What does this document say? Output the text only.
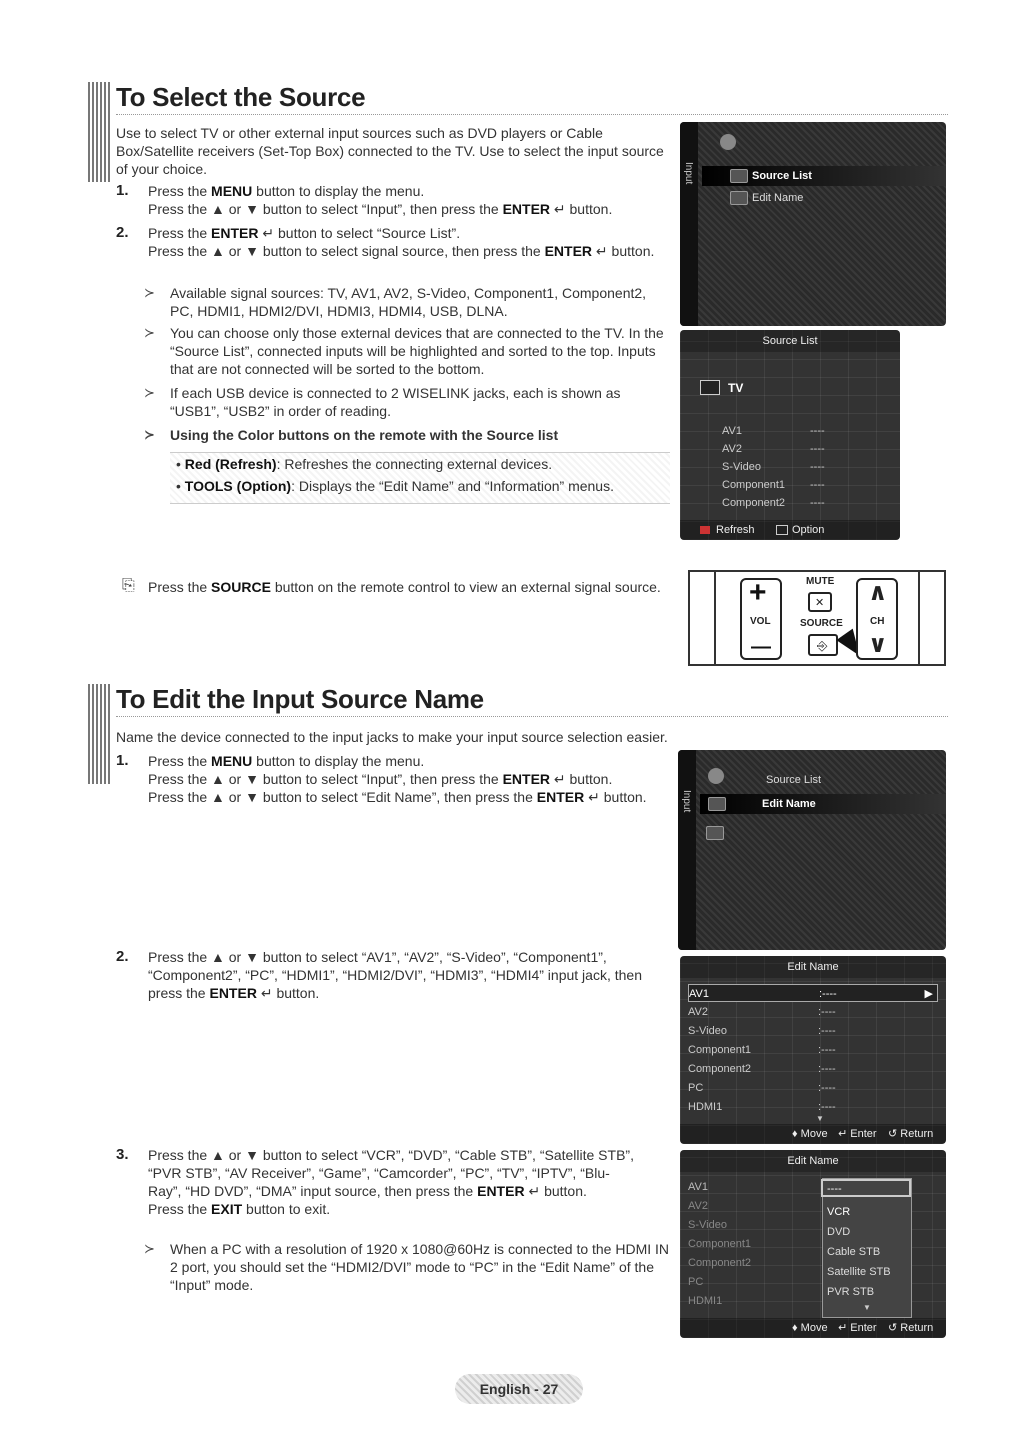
To Select the Source
Use to select TV or other external input sources such as DVD players or Cable Box/Satellite receivers (Set-Top Box) connected to the TV. Use to select the input source of your choice.
1. Press the MENU button to display the menu.
Press the ▲ or ▼ button to select “Input”, then press the ENTER ↵ button.
2. Press the ENTER ↵ button to select “Source List”.
Press the ▲ or ▼ button to select signal source, then press the ENTER ↵ button.
≻ Available signal sources: TV, AV1, AV2, S-Video, Component1, Component2, PC, HDMI1, HDMI2/DVI, HDMI3, HDMI4, USB, DLNA.
≻ You can choose only those external devices that are connected to the TV. In the “Source List”, connected inputs will be highlighted and sorted to the top. Inputs that are not connected will be sorted to the bottom.
≻ If each USB device is connected to 2 WISELINK jacks, each is shown as “USB1”, “USB2” in order of reading.
≻ Using the Color buttons on the remote with the Source list
• Red (Refresh): Refreshes the connecting external devices.
• TOOLS (Option): Displays the “Edit Name” and “Information” menus.
⎘ Press the SOURCE button on the remote control to view an external signal source.
Input	Source List
Edit Name
Source List
TV
AV1	----
AV2	----
S-Video	----
Component1 ----
Component2 ----
Refresh	Option
+
VOL
—
MUTE
✕
SOURCE
⎆
∧
CH
∨
To Edit the Input Source Name
Name the device connected to the input jacks to make your input source selection easier.
1. Press the MENU button to display the menu.
Press the ▲ or ▼ button to select “Input”, then press the ENTER ↵ button.
Press the ▲ or ▼ button to select “Edit Name”, then press the ENTER ↵ button.
2. Press the ▲ or ▼ button to select “AV1”, “AV2”, “S-Video”, “Component1”, “Component2”, “PC”, “HDMI1”, “HDMI2/DVI”, “HDMI3”, “HDMI4” input jack, then press the ENTER ↵ button.
3. Press the ▲ or ▼ button to select “VCR”, “DVD”, “Cable STB”, “Satellite STB”, “PVR STB”, “AV Receiver”, “Game”, “Camcorder”, “PC”, “TV”, “IPTV”, “Blu-Ray”, “HD DVD”, “DMA” input source, then press the ENTER ↵ button.
Press the EXIT button to exit.
≻ When a PC with a resolution of 1920 x 1080@60Hz is connected to the HDMI IN 2 port, you should set the “HDMI2/DVI” mode to “PC” in the “Edit Name” of the “Input” mode.
Input
Source List
Edit Name
Edit Name
AV1	:----	▶
AV2	:----
S-Video	:----
Component1	:----
Component2	:----
PC	:----
HDMI1	:----
▼
♦ Move ↵ Enter ↺ Return
Edit Name
AV1
AV2
S-Video
Component1
Component2
PC
HDMI1
----
VCR
DVD
Cable STB
Satellite STB
PVR STB
▼
♦ Move ↵ Enter ↺ Return
English - 27
